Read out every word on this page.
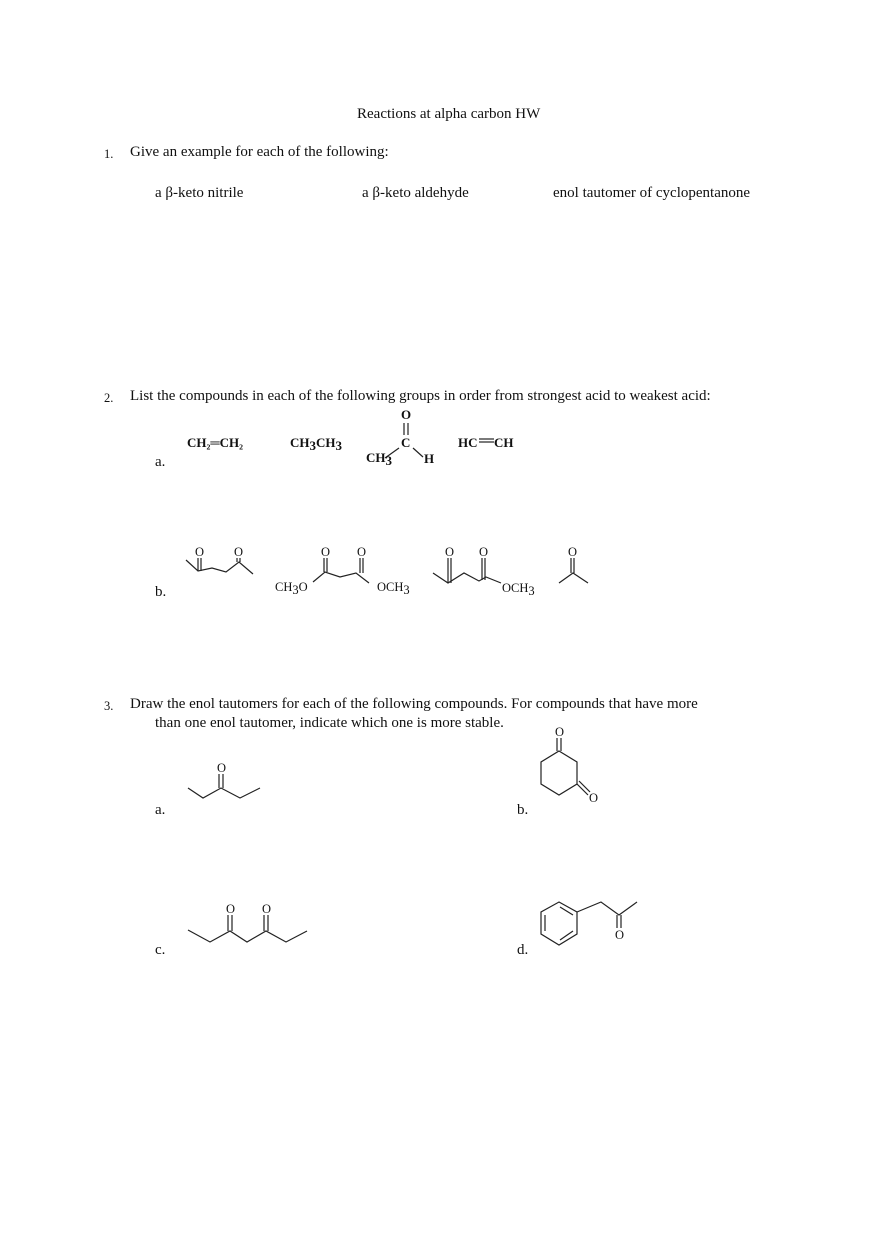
Reactions at alpha carbon HW
1. Give an example for each of the following:
a β-keto nitrile	a β-keto aldehyde	enol tautomer of cyclopentanone
2. List the compounds in each of the following groups in order from strongest acid to weakest acid:
a.
CH₂═CH₂	CH3CH3
O
C
CH3 H
HC CH
b.
O O
CH3O
O O
OCH3
O O
OCH3
O
3. Draw the enol tautomers for each of the following compounds. For compounds that have more
than one enol tautomer, indicate which one is more stable.
a.	b.
c.	d.
O
O
O
O O
O
